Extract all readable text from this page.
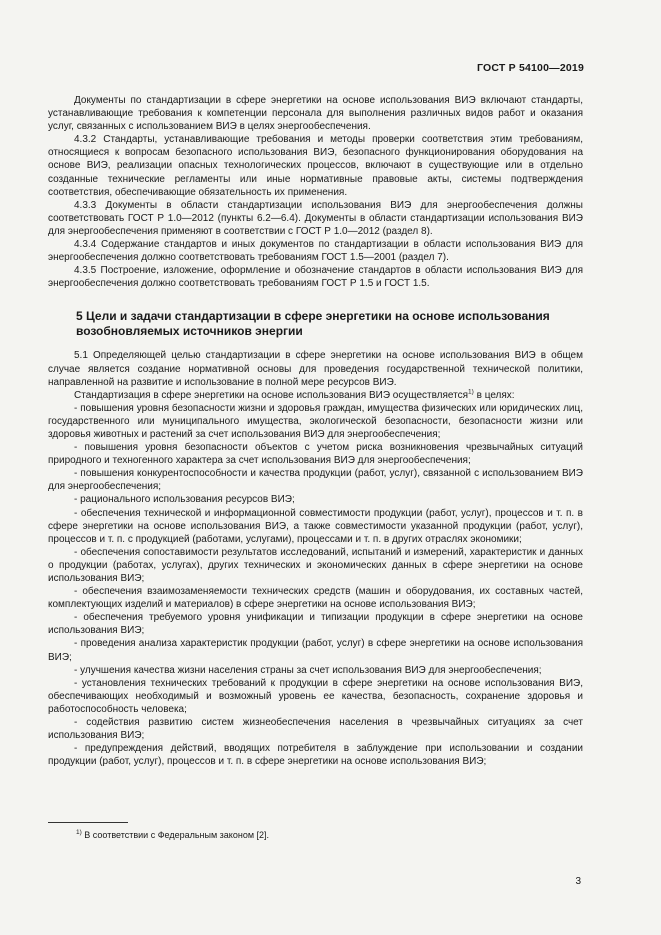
ГОСТ Р 54100—2019

Документы по стандартизации в сфере энергетики на основе использования ВИЭ включают стандарты, устанавливающие требования к компетенции персонала для выполнения различных видов работ и оказания услуг, связанных с использованием ВИЭ в целях энергообеспечения.

4.3.2 Стандарты, устанавливающие требования и методы проверки соответствия этим требованиям, относящиеся к вопросам безопасного использования ВИЭ, безопасного функционирования оборудования на основе ВИЭ, реализации опасных технологических процессов, включают в существующие или в отдельно созданные технические регламенты или иные нормативные правовые акты, системы подтверждения соответствия, обеспечивающие обязательность их применения.

4.3.3 Документы в области стандартизации использования ВИЭ для энергообеспечения должны соответствовать ГОСТ Р 1.0—2012 (пункты 6.2—6.4). Документы в области стандартизации использования ВИЭ для энергообеспечения применяют в соответствии с ГОСТ Р 1.0—2012 (раздел 8).

4.3.4 Содержание стандартов и иных документов по стандартизации в области использования ВИЭ для энергообеспечения должно соответствовать требованиям ГОСТ 1.5—2001 (раздел 7).

4.3.5 Построение, изложение, оформление и обозначение стандартов в области использования ВИЭ для энергообеспечения должно соответствовать требованиям ГОСТ Р 1.5 и ГОСТ 1.5.

5 Цели и задачи стандартизации в сфере энергетики на основе использования возобновляемых источников энергии

5.1 Определяющей целью стандартизации в сфере энергетики на основе использования ВИЭ в общем случае является создание нормативной основы для проведения государственной технической политики, направленной на развитие и использование в полной мере ресурсов ВИЭ.

Стандартизация в сфере энергетики на основе использования ВИЭ осуществляется$^{1)}$ в целях:

- повышения уровня безопасности жизни и здоровья граждан, имущества физических или юридических лиц, государственного или муниципального имущества, экологической безопасности, безопасности жизни или здоровья животных и растений за счет использования ВИЭ для энергообеспечения;

- повышения уровня безопасности объектов с учетом риска возникновения чрезвычайных ситуаций природного и техногенного характера за счет использования ВИЭ для энергообеспечения;

- повышения конкурентоспособности и качества продукции (работ, услуг), связанной с использованием ВИЭ для энергообеспечения;

- рационального использования ресурсов ВИЭ;

- обеспечения технической и информационной совместимости продукции (работ, услуг), процессов и т. п. в сфере энергетики на основе использования ВИЭ, а также совместимости указанной продукции (работ, услуг), процессов и т. п. с продукцией (работами, услугами), процессами и т. п. в других отраслях экономики;

- обеспечения сопоставимости результатов исследований, испытаний и измерений, характеристик и данных о продукции (работах, услугах), других технических и экономических данных в сфере энергетики на основе использования ВИЭ;

- обеспечения взаимозаменяемости технических средств (машин и оборудования, их составных частей, комплектующих изделий и материалов) в сфере энергетики на основе использования ВИЭ;

- обеспечения требуемого уровня унификации и типизации продукции в сфере энергетики на основе использования ВИЭ;

- проведения анализа характеристик продукции (работ, услуг) в сфере энергетики на основе использования ВИЭ;

- улучшения качества жизни населения страны за счет использования ВИЭ для энергообеспечения;

- установления технических требований к продукции в сфере энергетики на основе использования ВИЭ, обеспечивающих необходимый и возможный уровень ее качества, безопасность, сохранение здоровья и работоспособность человека;

- содействия развитию систем жизнеобеспечения населения в чрезвычайных ситуациях за счет использования ВИЭ;

- предупреждения действий, вводящих потребителя в заблуждение при использовании и создании продукции (работ, услуг), процессов и т. п. в сфере энергетики на основе использования ВИЭ;

$^{1)}$ В соответствии с Федеральным законом [2].
3
